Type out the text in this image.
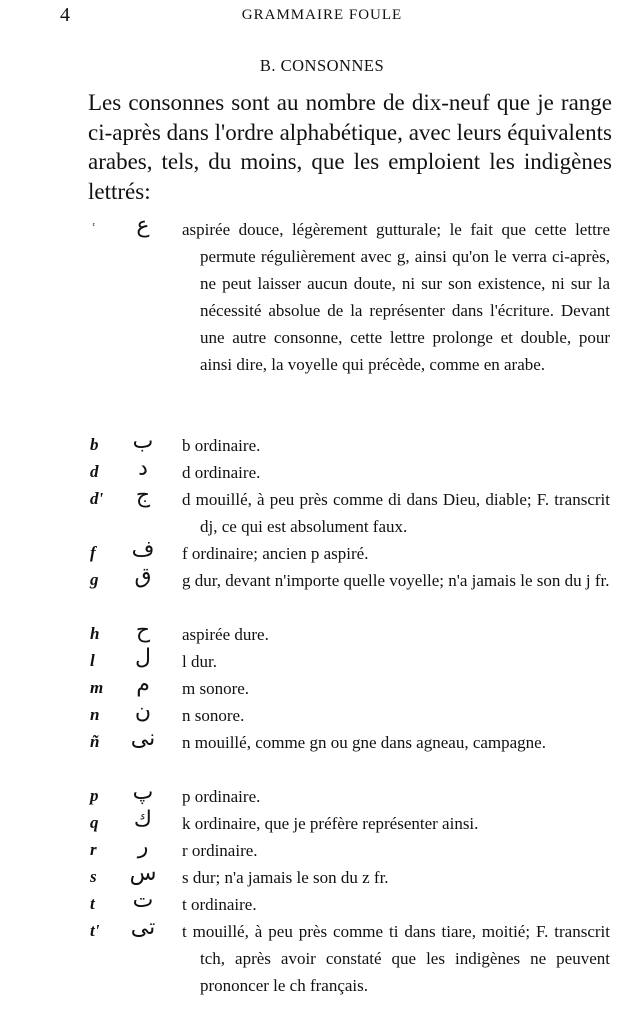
4	GRAMMAIRE FOULE
B. CONSONNES
Les consonnes sont au nombre de dix-neuf que je range ci-après dans l'ordre alphabétique, avec leurs équivalents arabes, tels, du moins, que les emploient les indigènes lettrés:
ʿ	ع	aspirée douce, légèrement gutturale; le fait que cette lettre permute régulièrement avec g, ainsi qu'on le verra ci-après, ne peut laisser aucun doute, ni sur son existence, ni sur la nécessité absolue de la représenter dans l'écriture. Devant une autre consonne, cette lettre prolonge et double, pour ainsi dire, la voyelle qui précède, comme en arabe.
b	ب	b ordinaire.
d	د	d ordinaire.
d'	ج	d mouillé, à peu près comme di dans Dieu, diable; F. transcrit dj, ce qui est absolument faux.
f	ف	f ordinaire; ancien p aspiré.
g	ق	g dur, devant n'importe quelle voyelle; n'a jamais le son du j fr.
h	ح	aspirée dure.
l	ل	l dur.
m	م	m sonore.
n	ن	n sonore.
ñ	نى	n mouillé, comme gn ou gne dans agneau, campagne.
p	پ	p ordinaire.
q	ك	k ordinaire, que je préfère représenter ainsi.
r	ر	r ordinaire.
s	س	s dur; n'a jamais le son du z fr.
t	ت	t ordinaire.
t'	تى	t mouillé, à peu près comme ti dans tiare, moitié; F. transcrit tch, après avoir constaté que les indigènes ne peuvent prononcer le ch français.
